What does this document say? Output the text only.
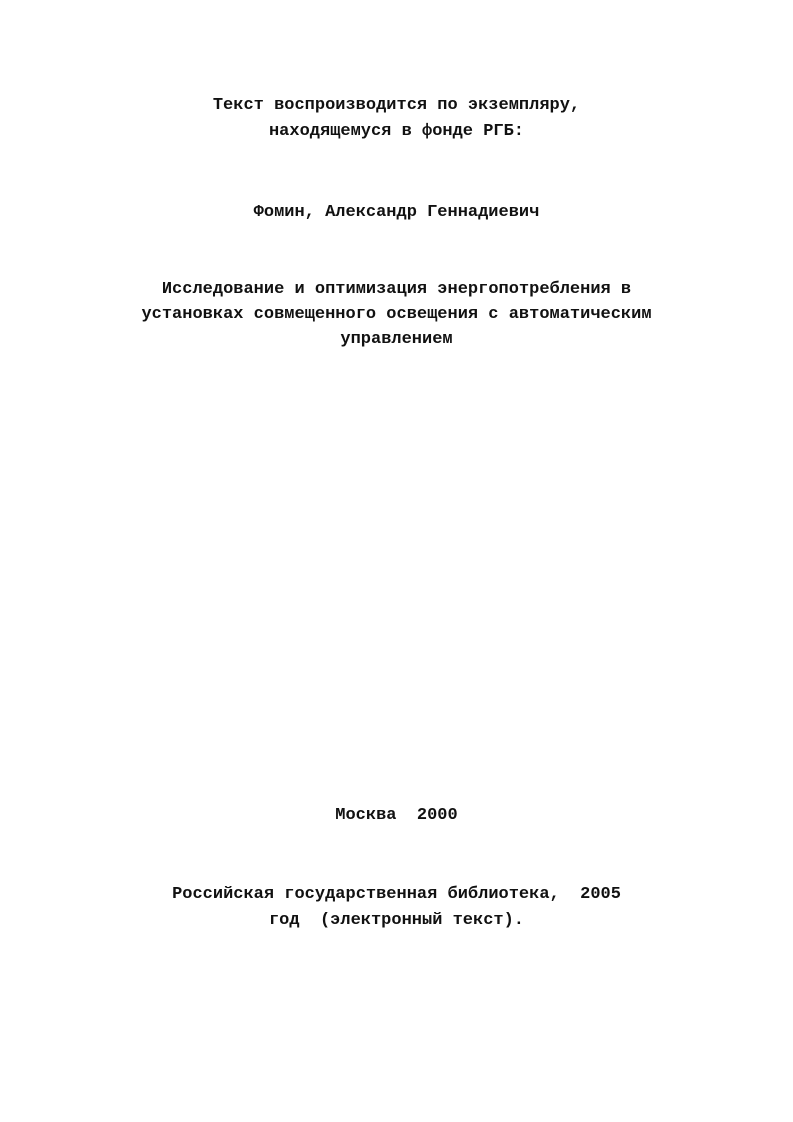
Текст воспроизводится по экземпляру,
находящемуся в фонде РГБ:
Фомин, Александр Геннадиевич
Исследование и оптимизация энергопотребления в
установках совмещенного освещения с автоматическим
управлением
Москва  2000
Российская государственная библиотека,  2005
год  (электронный текст).
